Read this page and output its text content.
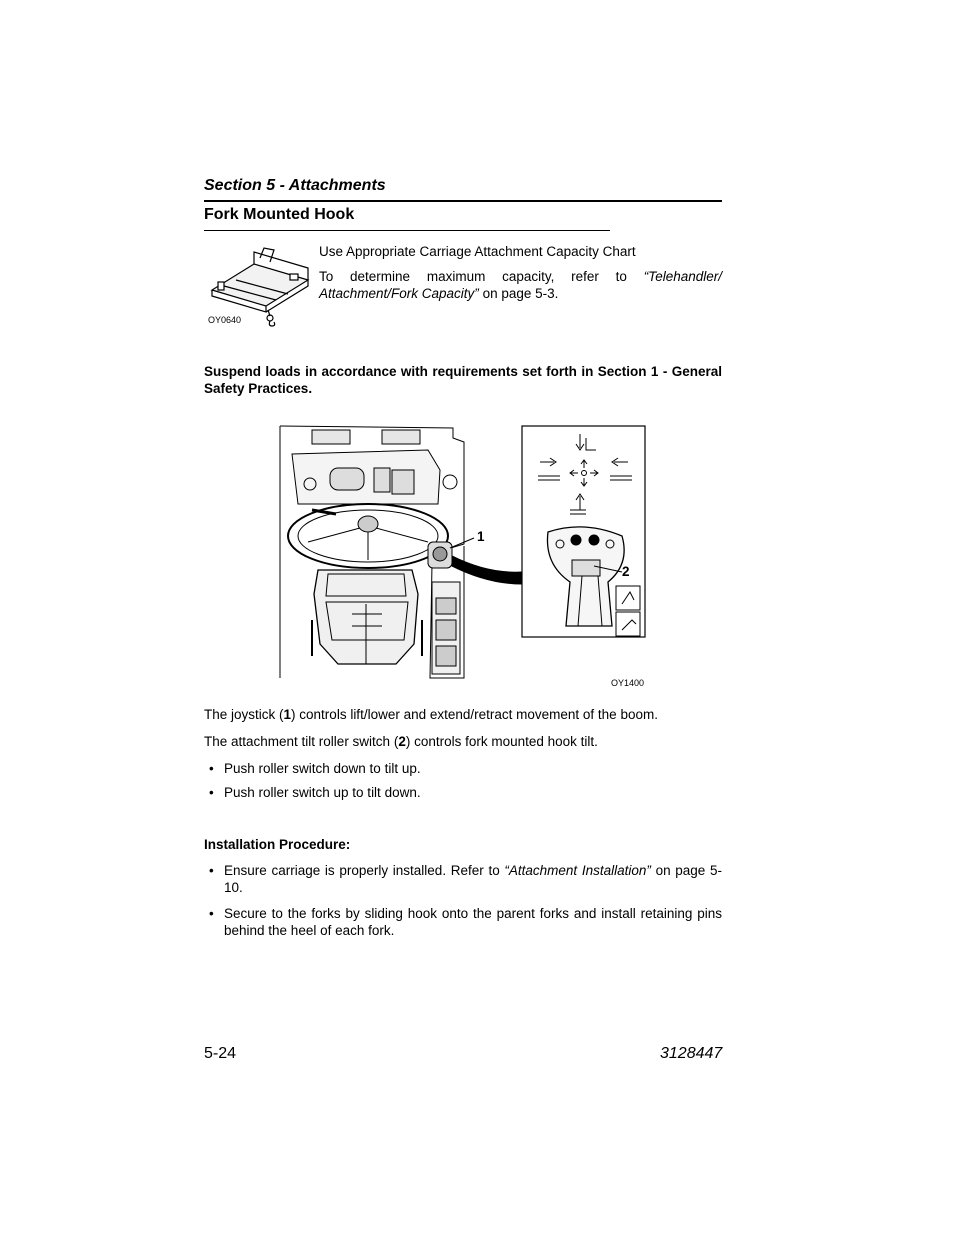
Section 5 - Attachments
Fork Mounted Hook
OY0640
Use Appropriate Carriage Attachment Capacity Chart
To determine maximum capacity, refer to “Telehandler/ Attachment/Fork Capacity” on page 5-3.
Suspend loads in accordance with requirements set forth in Section 1 - General Safety Practices.
1
2
OY1400
The joystick (1) controls lift/lower and extend/retract movement of the boom.
The attachment tilt roller switch (2) controls fork mounted hook tilt.
• Push roller switch down to tilt up.
• Push roller switch up to tilt down.
Installation Procedure:
• Ensure carriage is properly installed. Refer to “Attachment Installation” on page 5-10.
• Secure to the forks by sliding hook onto the parent forks and install retaining pins behind the heel of each fork.
5-24	3128447
